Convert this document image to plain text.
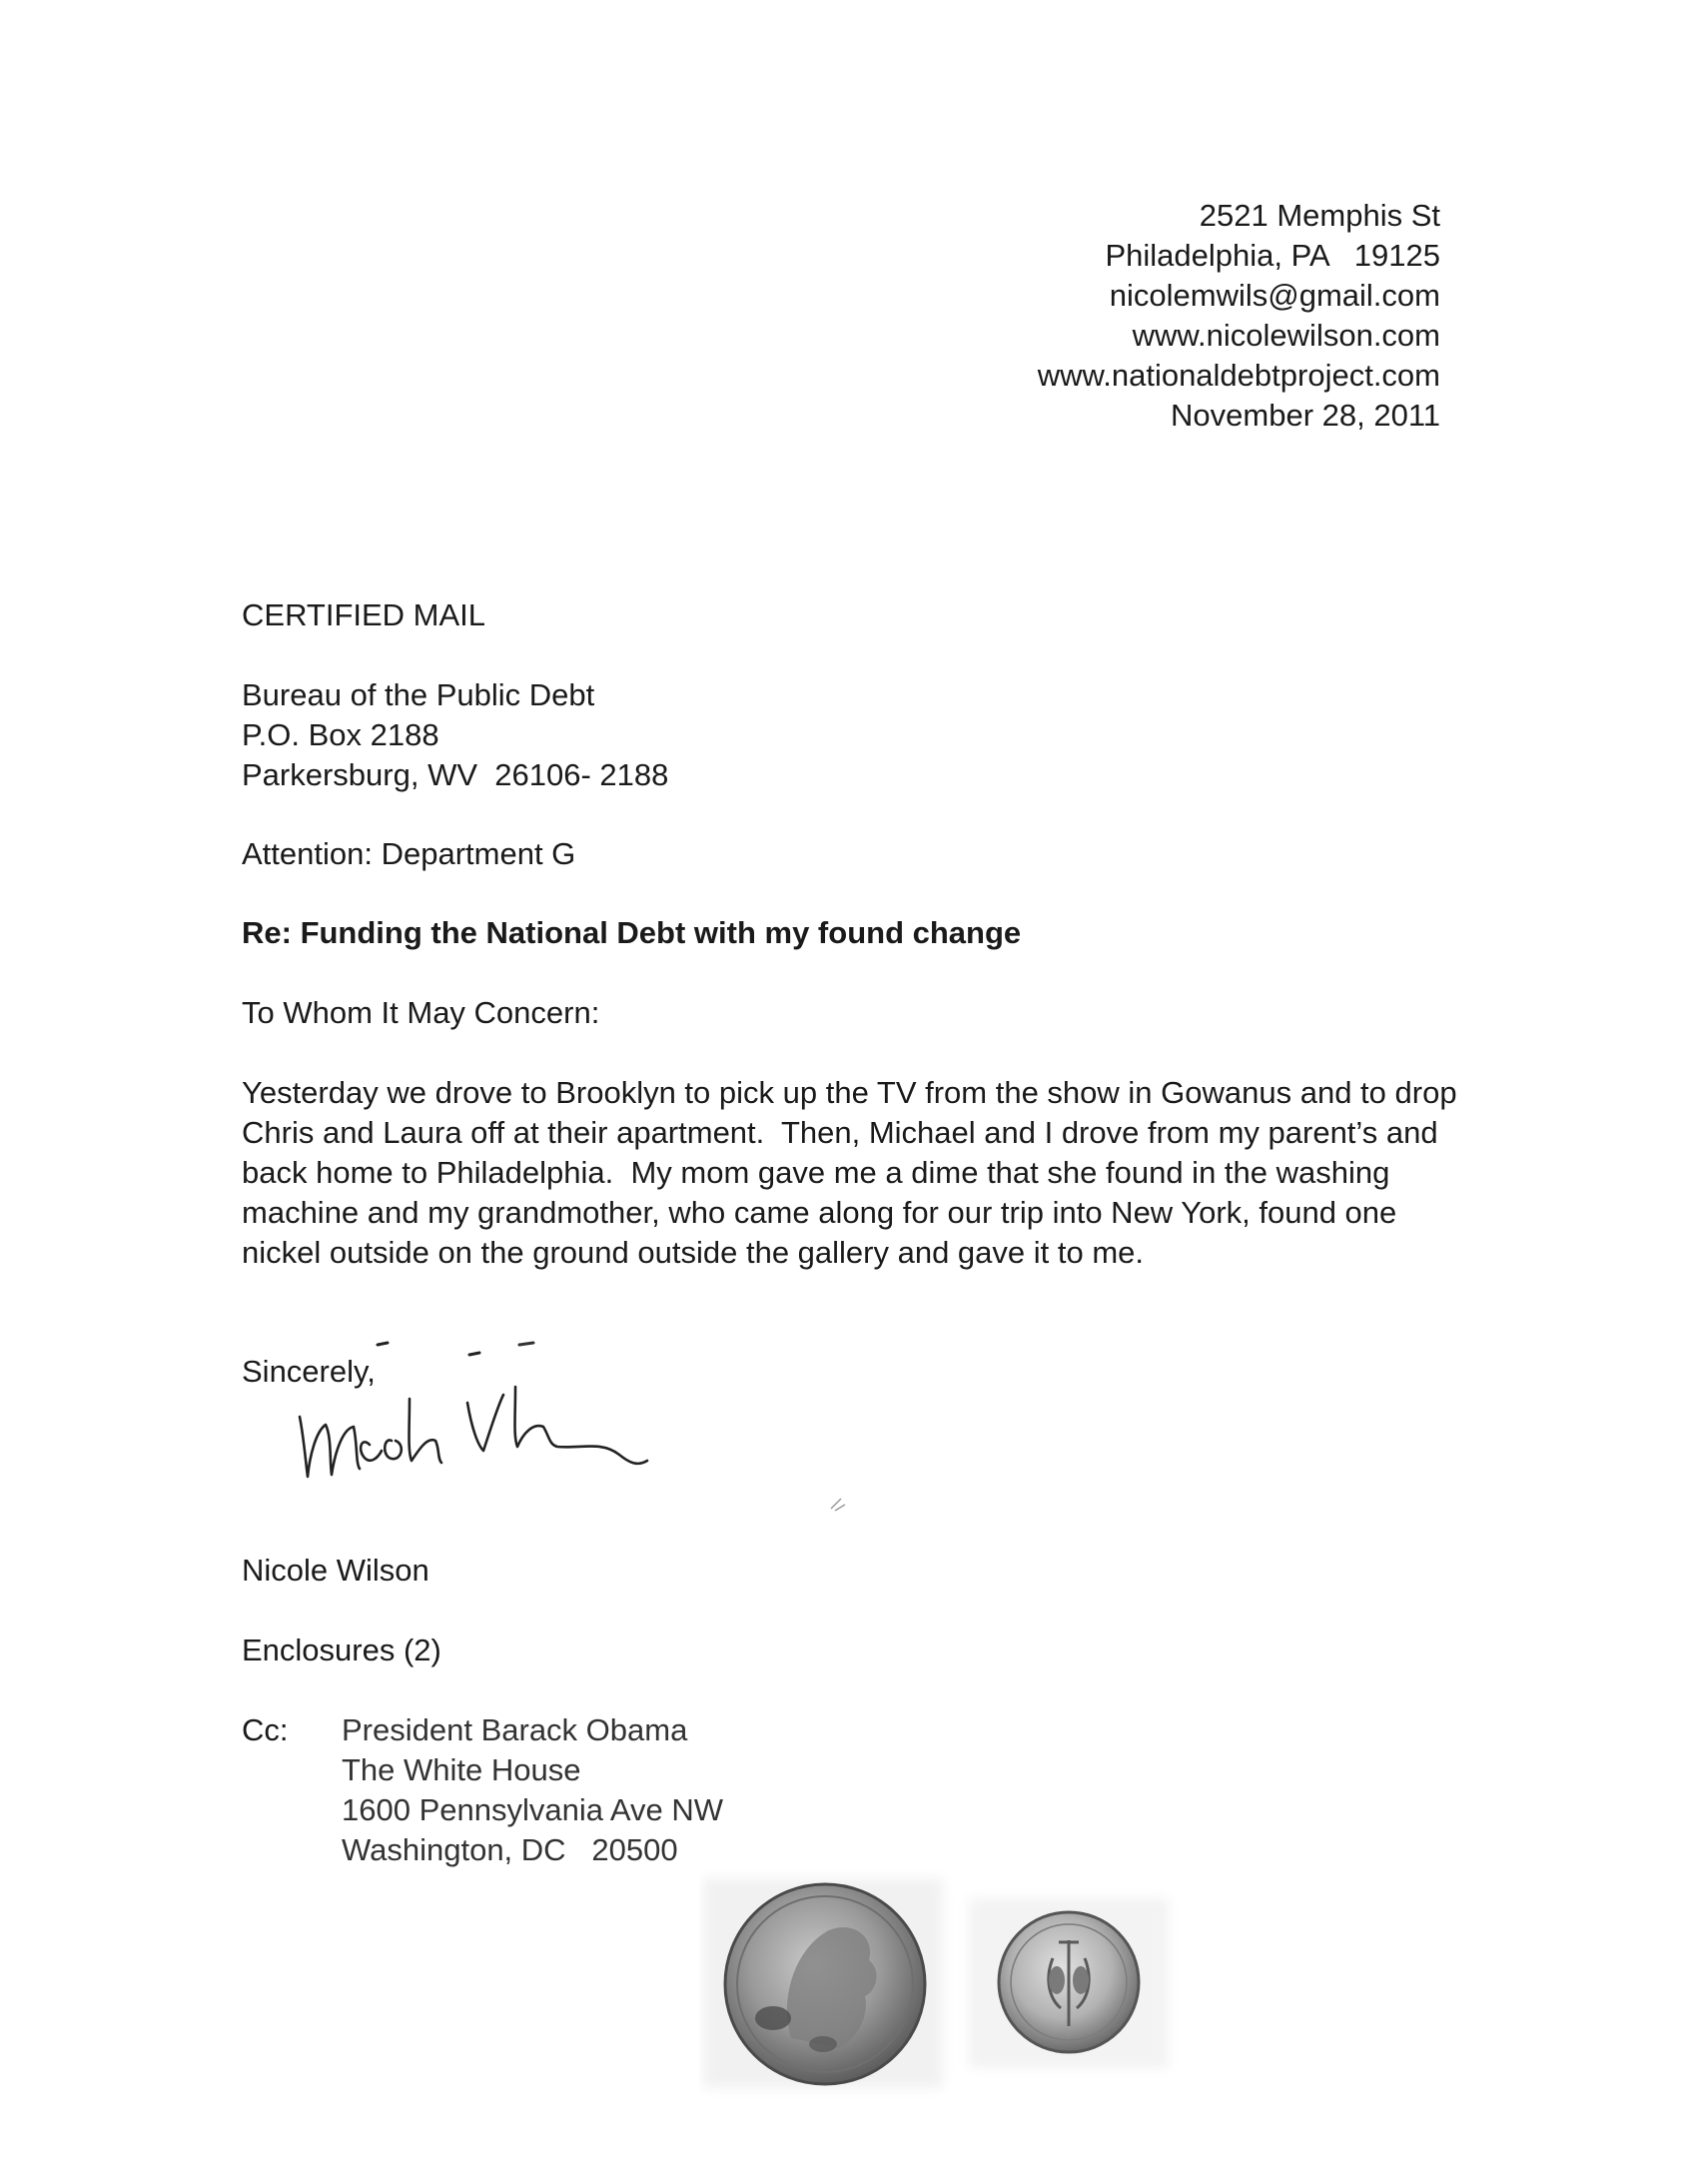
2521 Memphis St
Philadelphia, PA   19125
nicolemwils@gmail.com
www.nicolewilson.com
www.nationaldebtproject.com
November 28, 2011
CERTIFIED MAIL
Bureau of the Public Debt
P.O. Box 2188
Parkersburg, WV  26106- 2188
Attention: Department G
Re: Funding the National Debt with my found change
To Whom It May Concern:

Yesterday we drove to Brooklyn to pick up the TV from the show in Gowanus and to drop Chris and Laura off at their apartment.  Then, Michael and I drove from my parent’s and back home to Philadelphia.  My mom gave me a dime that she found in the washing machine and my grandmother, who came along for our trip into New York, found one nickel outside on the ground outside the gallery and gave it to me.

Sincerely,
Nicole Wilson
Enclosures (2)
Cc: President Barack Obama
The White House
1600 Pennsylvania Ave NW
Washington, DC   20500
